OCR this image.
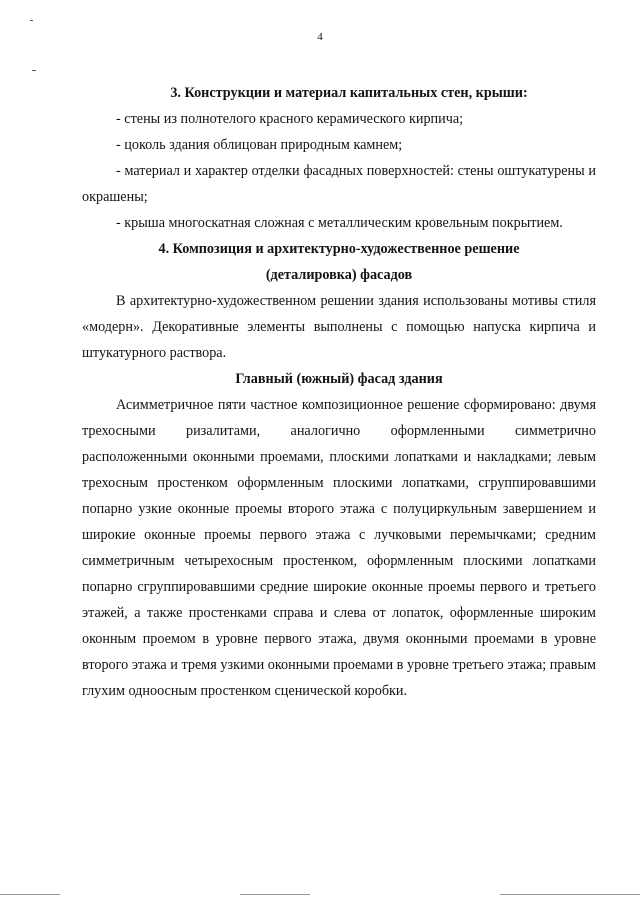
4

3. Конструкции и материал капитальных стен, крыши:

- стены из полнотелого красного керамического кирпича;

- цоколь здания облицован природным камнем;

- материал и характер отделки фасадных поверхностей: стены оштукатурены и окрашены;

- крыша многоскатная сложная с металлическим кровельным покрытием.

4. Композиция и архитектурно-художественное решение

(деталировка) фасадов

В архитектурно-художественном решении здания использованы мотивы стиля «модерн». Декоративные элементы выполнены с помощью напуска кирпича и штукатурного раствора.

Главный (южный) фасад здания

Асимметричное пяти частное композиционное решение сформировано: двумя трехосными ризалитами, аналогично оформленными симметрично расположенными оконными проемами, плоскими лопатками и накладками; левым трехосным простенком оформленным плоскими лопатками, сгруппировавшими попарно узкие оконные проемы второго этажа с полуциркульным завершением и широкие оконные проемы первого этажа с лучковыми перемычками; средним симметричным четырехосным простенком, оформленным плоскими лопатками попарно сгруппировавшими средние широкие оконные проемы первого и третьего этажей, а также простенками справа и слева от лопаток, оформленные широким оконным проемом в уровне первого этажа, двумя оконными проемами в уровне второго этажа и тремя узкими оконными проемами в уровне третьего этажа; правым глухим одноосным простенком сценической коробки.
